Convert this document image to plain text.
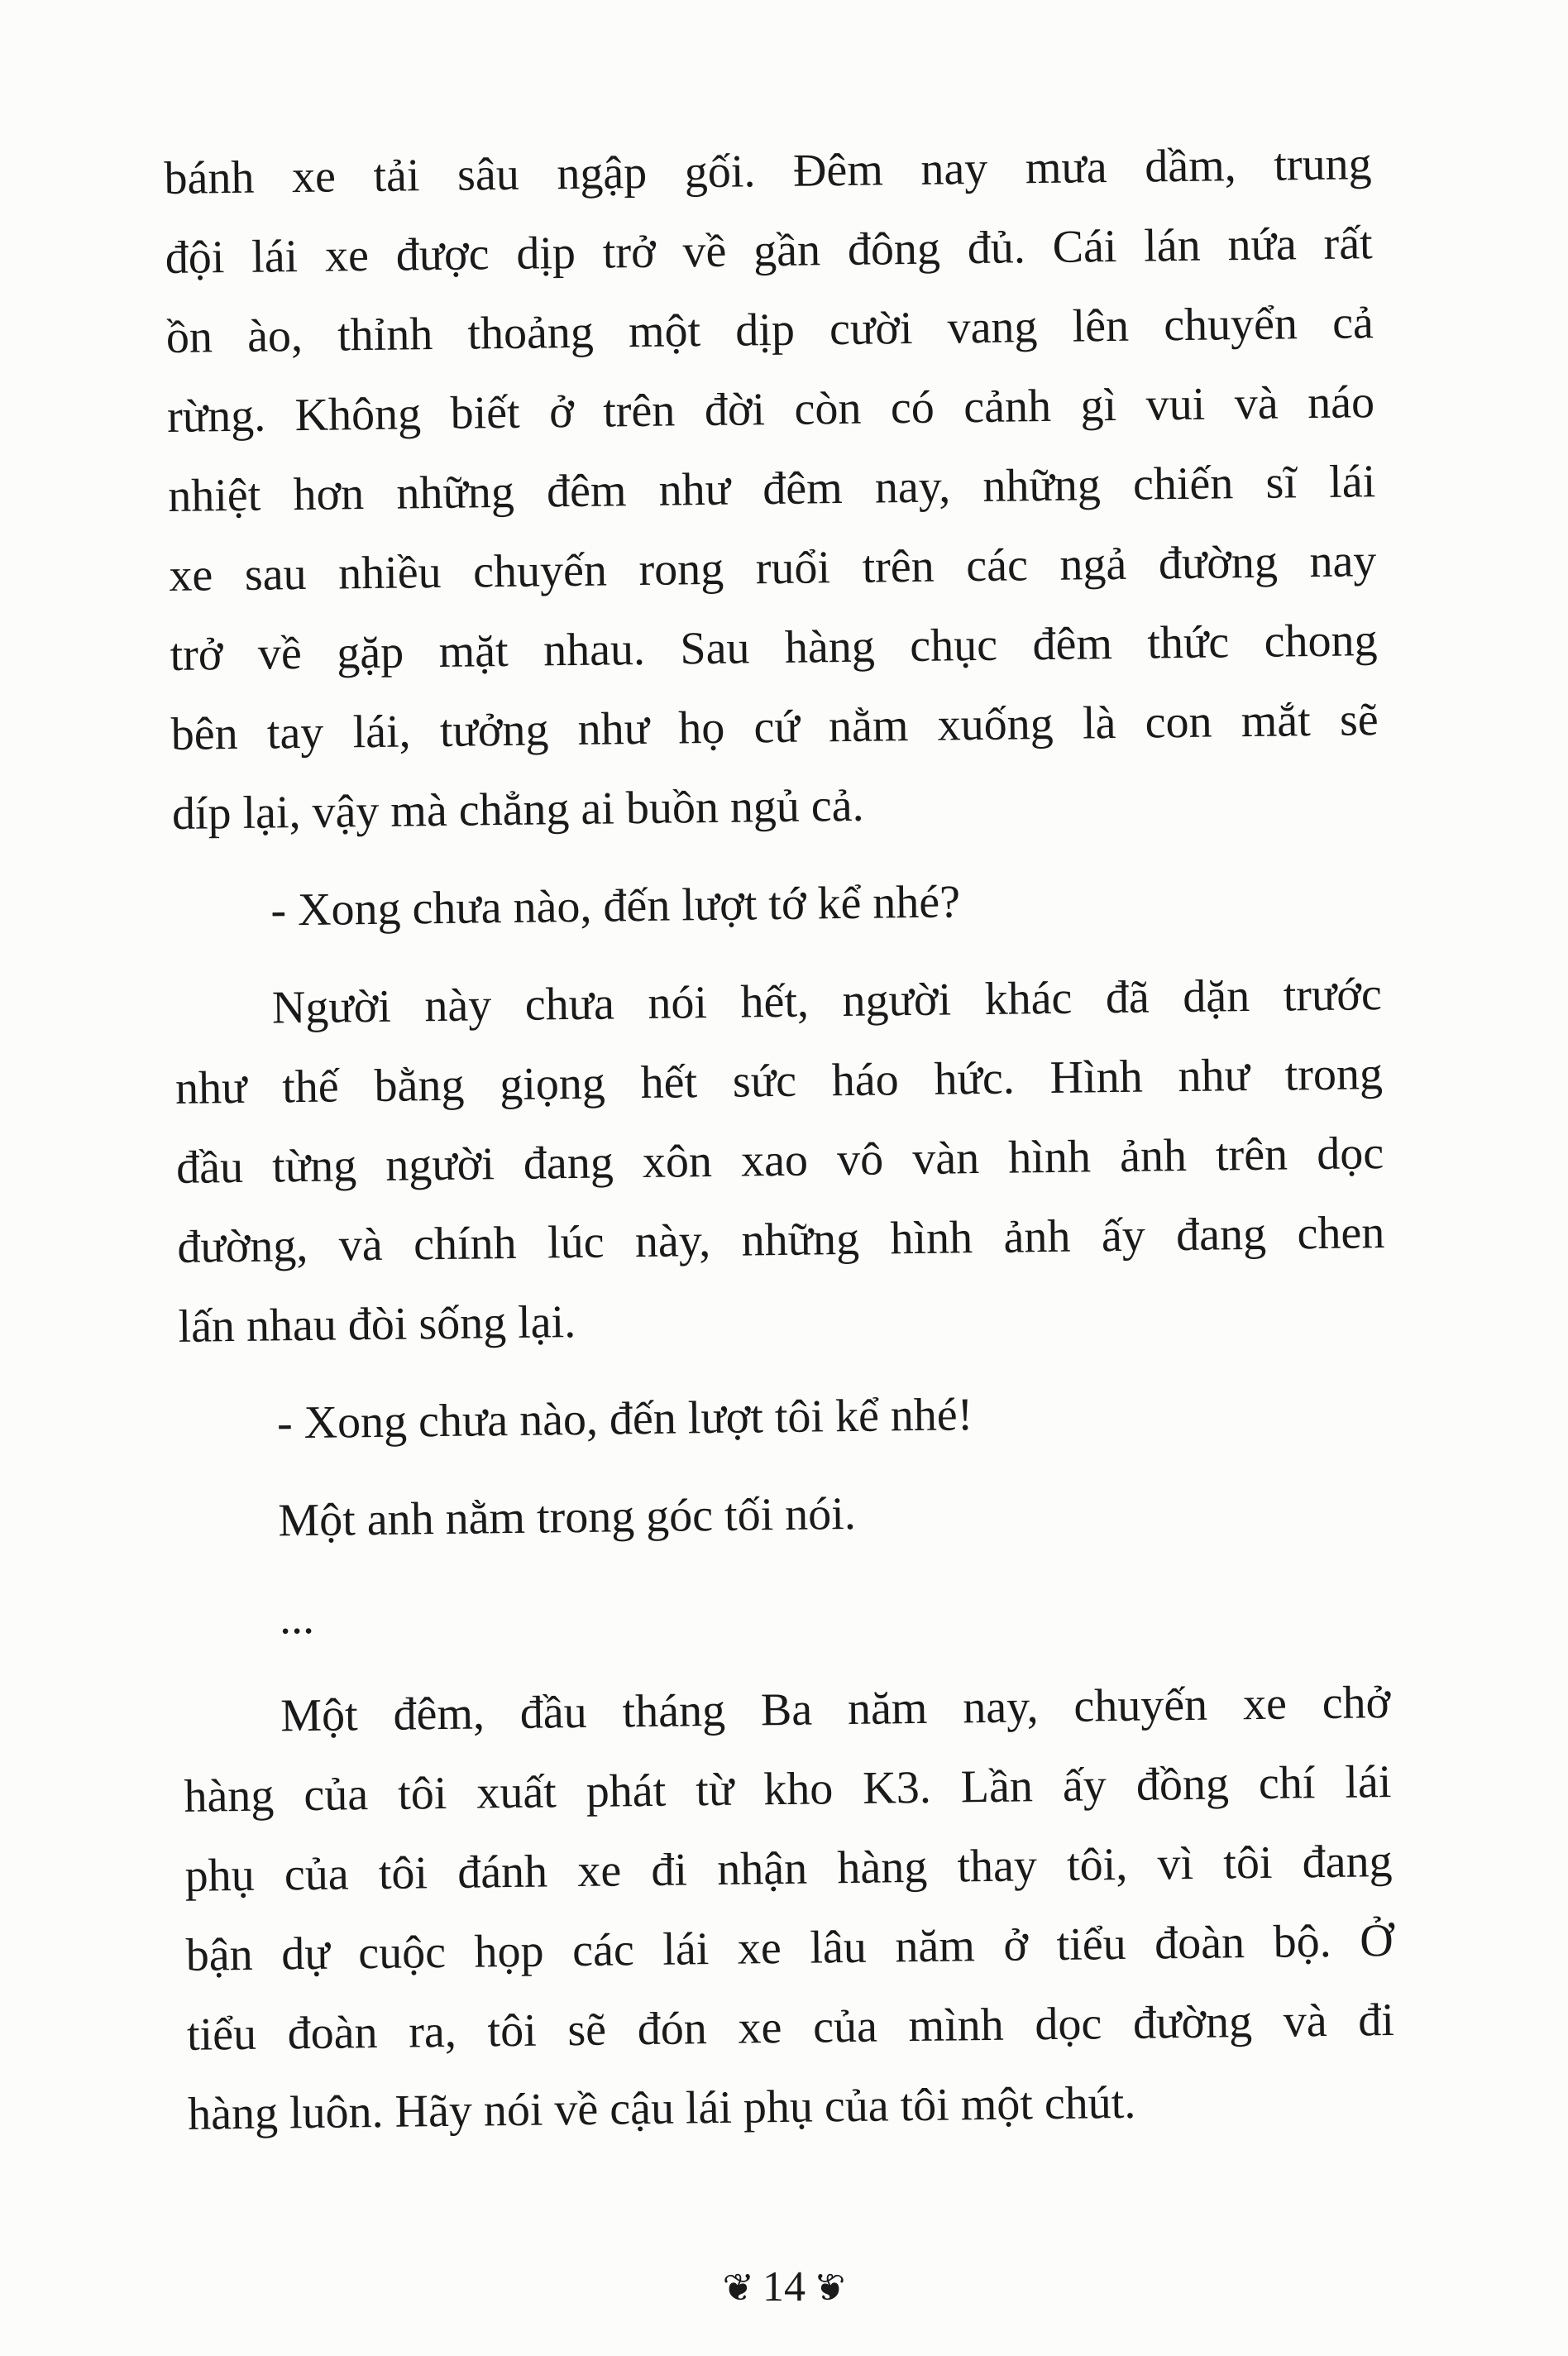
bánh xe tải sâu ngập gối. Đêm nay mưa dầm, trung
đội lái xe được dịp trở về gần đông đủ. Cái lán nứa rất
ồn ào, thỉnh thoảng một dịp cười vang lên chuyển cả
rừng. Không biết ở trên đời còn có cảnh gì vui và náo
nhiệt hơn những đêm như đêm nay, những chiến sĩ lái
xe sau nhiều chuyến rong ruổi trên các ngả đường nay
trở về gặp mặt nhau. Sau hàng chục đêm thức chong
bên tay lái, tưởng như họ cứ nằm xuống là con mắt sẽ
díp lại, vậy mà chẳng ai buồn ngủ cả.
- Xong chưa nào, đến lượt tớ kể nhé?
Người này chưa nói hết, người khác đã dặn trước
như thế bằng giọng hết sức háo hức. Hình như trong
đầu từng người đang xôn xao vô vàn hình ảnh trên dọc
đường, và chính lúc này, những hình ảnh ấy đang chen
lấn nhau đòi sống lại.
- Xong chưa nào, đến lượt tôi kể nhé!
Một anh nằm trong góc tối nói.
...
Một đêm, đầu tháng Ba năm nay, chuyến xe chở
hàng của tôi xuất phát từ kho K3. Lần ấy đồng chí lái
phụ của tôi đánh xe đi nhận hàng thay tôi, vì tôi đang
bận dự cuộc họp các lái xe lâu năm ở tiểu đoàn bộ. Ở
tiểu đoàn ra, tôi sẽ đón xe của mình dọc đường và đi
hàng luôn. Hãy nói về cậu lái phụ của tôi một chút.
❦ 14 ❦
